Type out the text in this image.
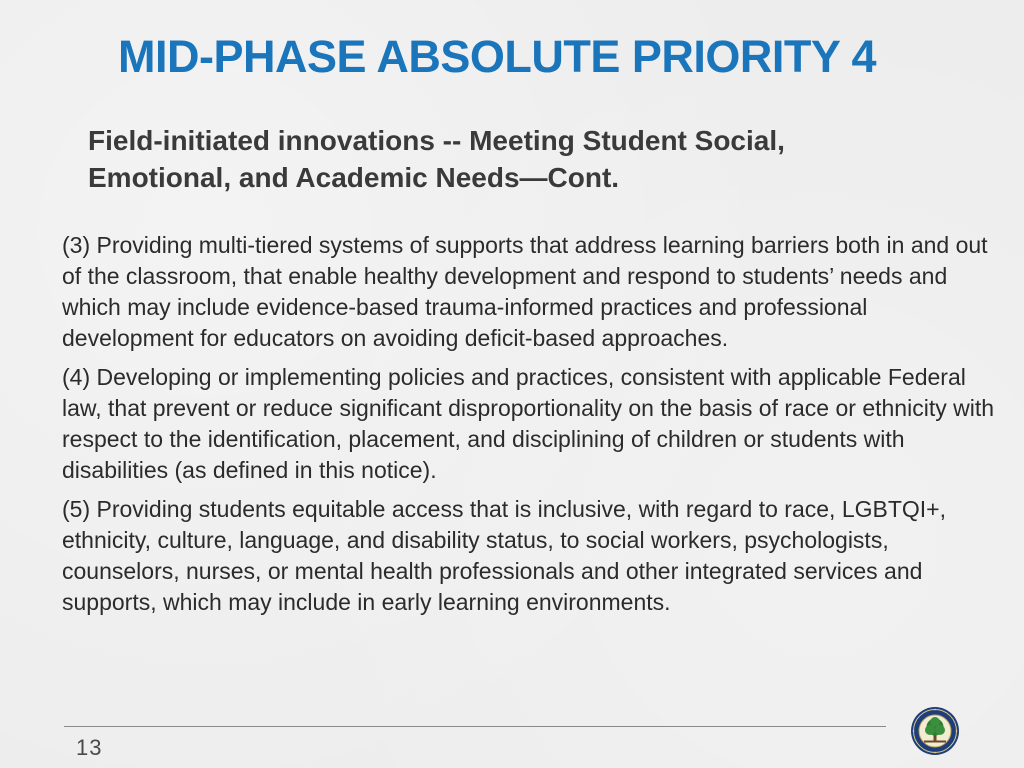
MID-PHASE ABSOLUTE PRIORITY 4
Field-initiated innovations -- Meeting Student Social,
Emotional, and Academic Needs—Cont.
(3) Providing multi-tiered systems of supports that address learning barriers both in and out of the classroom, that enable healthy development and respond to students’ needs and which may include evidence-based trauma-informed practices and professional development for educators on avoiding deficit-based approaches.
(4) Developing or implementing policies and practices, consistent with applicable Federal law, that prevent or reduce significant disproportionality on the basis of race or ethnicity with respect to the identification, placement, and disciplining of children or students with disabilities (as defined in this notice).
(5) Providing students equitable access that is inclusive, with regard to race, LGBTQI+, ethnicity, culture, language, and disability status, to social workers, psychologists, counselors, nurses, or mental health professionals and other integrated services and supports, which may include in early learning environments.
13
